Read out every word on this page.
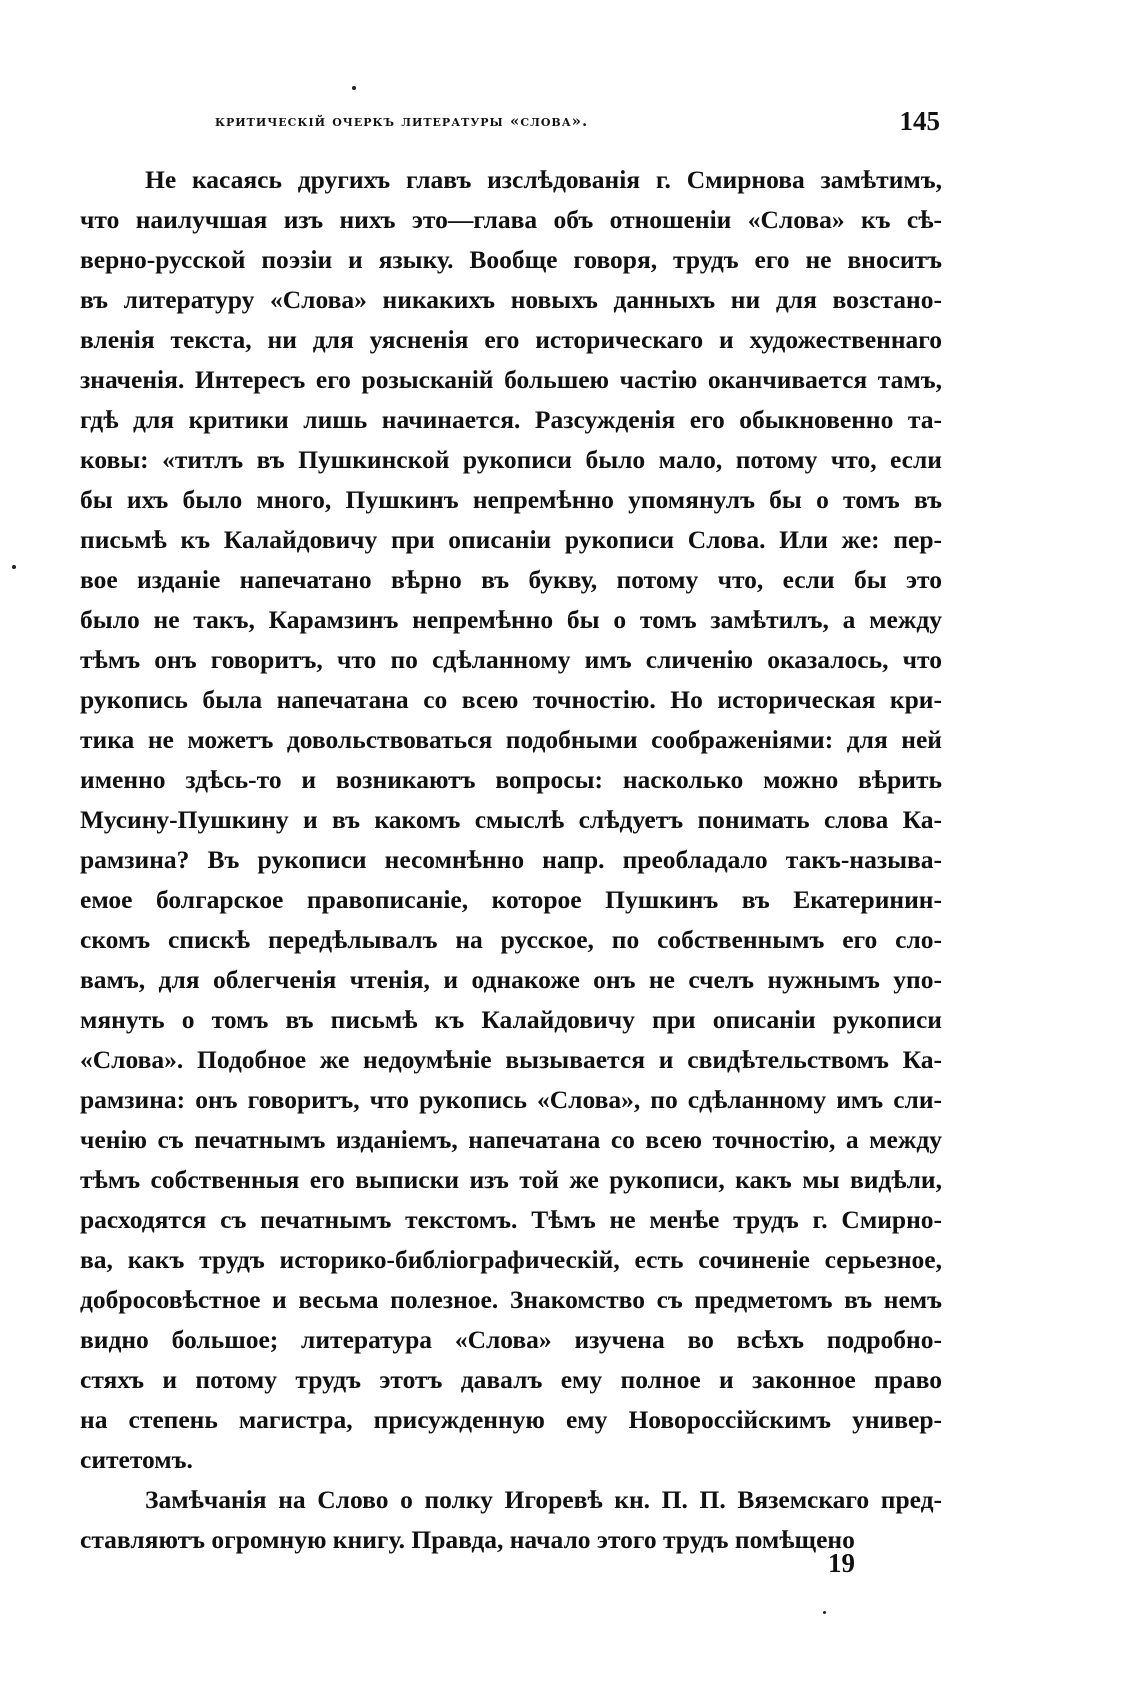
критическій очеркъ литературы «слова».	145
Не касаясь другихъ главъ изслѣдованія г. Смирнова замѣтимъ,
что наилучшая изъ нихъ это—глава объ отношеніи «Слова» къ сѣ-
верно-русской поэзіи и языку. Вообще говоря, трудъ его не вноситъ
въ литературу «Слова» никакихъ новыхъ данныхъ ни для возстано-
вленія текста, ни для уясненія его историческаго и художественнаго
значенія. Интересъ его розысканій большею частію оканчивается тамъ,
гдѣ для критики лишь начинается. Разсужденія его обыкновенно та-
ковы: «титлъ въ Пушкинской рукописи было мало, потому что, если
бы ихъ было много, Пушкинъ непремѣнно упомянулъ бы о томъ въ
письмѣ къ Калайдовичу при описаніи рукописи Слова. Или же: пер-
вое изданіе напечатано вѣрно въ букву, потому что, если бы это
было не такъ, Карамзинъ непремѣнно бы о томъ замѣтилъ, а между
тѣмъ онъ говоритъ, что по сдѣланному имъ сличенію оказалось, что
рукопись была напечатана со всею точностію. Но историческая кри-
тика не можетъ довольствоваться подобными соображеніями: для ней
именно здѣсь-то и возникаютъ вопросы: насколько можно вѣрить
Мусину-Пушкину и въ какомъ смыслѣ слѣдуетъ понимать слова Ка-
рамзина? Въ рукописи несомнѣнно напр. преобладало такъ-называ-
емое болгарское правописаніе, которое Пушкинъ въ Екатеринин-
скомъ спискѣ передѣлывалъ на русское, по собственнымъ его сло-
вамъ, для облегченія чтенія, и однакоже онъ не счелъ нужнымъ упо-
мянуть о томъ въ письмѣ къ Калайдовичу при описаніи рукописи
«Слова». Подобное же недоумѣніе вызывается и свидѣтельствомъ Ка-
рамзина: онъ говоритъ, что рукопись «Слова», по сдѣланному имъ сли-
ченію съ печатнымъ изданіемъ, напечатана со всею точностію, а между
тѣмъ собственныя его выписки изъ той же рукописи, какъ мы видѣли,
расходятся съ печатнымъ текстомъ. Тѣмъ не менѣе трудъ г. Смирно-
ва, какъ трудъ историко-библіографическій, есть сочиненіе серьезное,
добросовѣстное и весьма полезное. Знакомство съ предметомъ въ немъ
видно большое; литература «Слова» изучена во всѣхъ подробно-
стяхъ и потому трудъ этотъ давалъ ему полное и законное право
на степень магистра, присужденную ему Новороссійскимъ универ-
ситетомъ.
Замѣчанія на Слово о полку Игоревѣ кн. П. П. Вяземскаго пред-
ставляютъ огромную книгу. Правда, начало этого трудъ помѣщено
19
